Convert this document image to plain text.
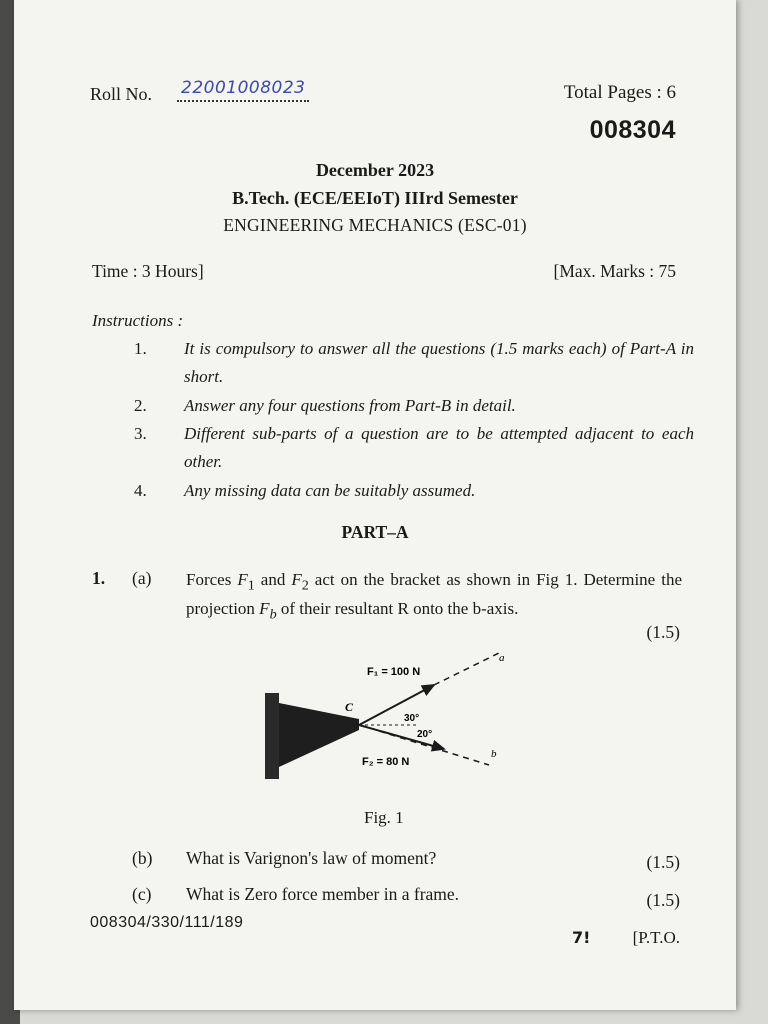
Roll No. 22001008023	Total Pages : 6
008304
December 2023
B.Tech. (ECE/EEIoT) IIIrd Semester
ENGINEERING MECHANICS (ESC-01)
Time : 3 Hours]	[Max. Marks : 75
Instructions :
1. It is compulsory to answer all the questions (1.5 marks each) of Part-A in short.
2. Answer any four questions from Part-B in detail.
3. Different sub-parts of a question are to be attempted adjacent to each other.
4. Any missing data can be suitably assumed.
PART–A
1. (a) Forces $F_1$ and $F_2$ act on the bracket as shown in Fig 1. Determine the projection $F_b$ of their resultant R onto the b-axis.
(1.5)
F₁ = 100 N
F₂ = 80 N
C
a
b
30°
20°
Fig. 1
(b) What is Varignon's law of moment?	(1.5)
(c) What is Zero force member in a frame.	(1.5)
008304/330/111/189
7! [P.T.O.
